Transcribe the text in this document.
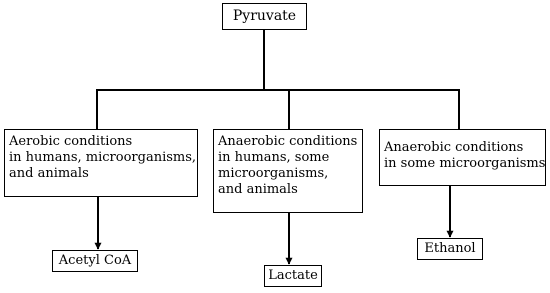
Pyruvate
Aerobic conditions
in humans, microorganisms,
and animals
Anaerobic conditions
in humans, some
microorganisms,
and animals
Anaerobic conditions
in some microorganisms
Acetyl CoA
Lactate
Ethanol
